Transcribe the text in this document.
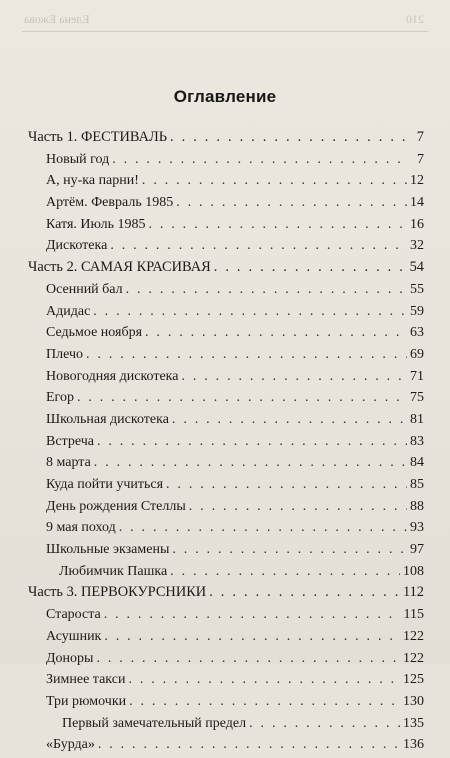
210
Елена Ежова
Оглавление
Часть 1. ФЕСТИВАЛЬ . . .	7
Новый год . . .	7
А, ну-ка парни! . . .	12
Артём. Февраль 1985 . . .	14
Катя. Июль 1985 . . .	16
Дискотека . . .	32
Часть 2. САМАЯ КРАСИВАЯ . . .	54
Осенний бал . . .	55
Адидас . . .	59
Седьмое ноября . . .	63
Плечо . . .	69
Новогодняя дискотека . . .	71
Егор . . .	75
Школьная дискотека . . .	81
Встреча . . .	83
8 марта . . .	84
Куда пойти учиться . . .	85
День рождения Стеллы . . .	88
9 мая поход . . .	93
Школьные экзамены . . .	97
Любимчик Пашка . . .	108
Часть 3. ПЕРВОКУРСНИКИ . . .	112
Староста . . .	115
Асушник . . .	122
Доноры . . .	122
Зимнее такси . . .	125
Три рюмочки . . .	130
Первый замечательный предел . . .	135
«Бурда» . . .	136
